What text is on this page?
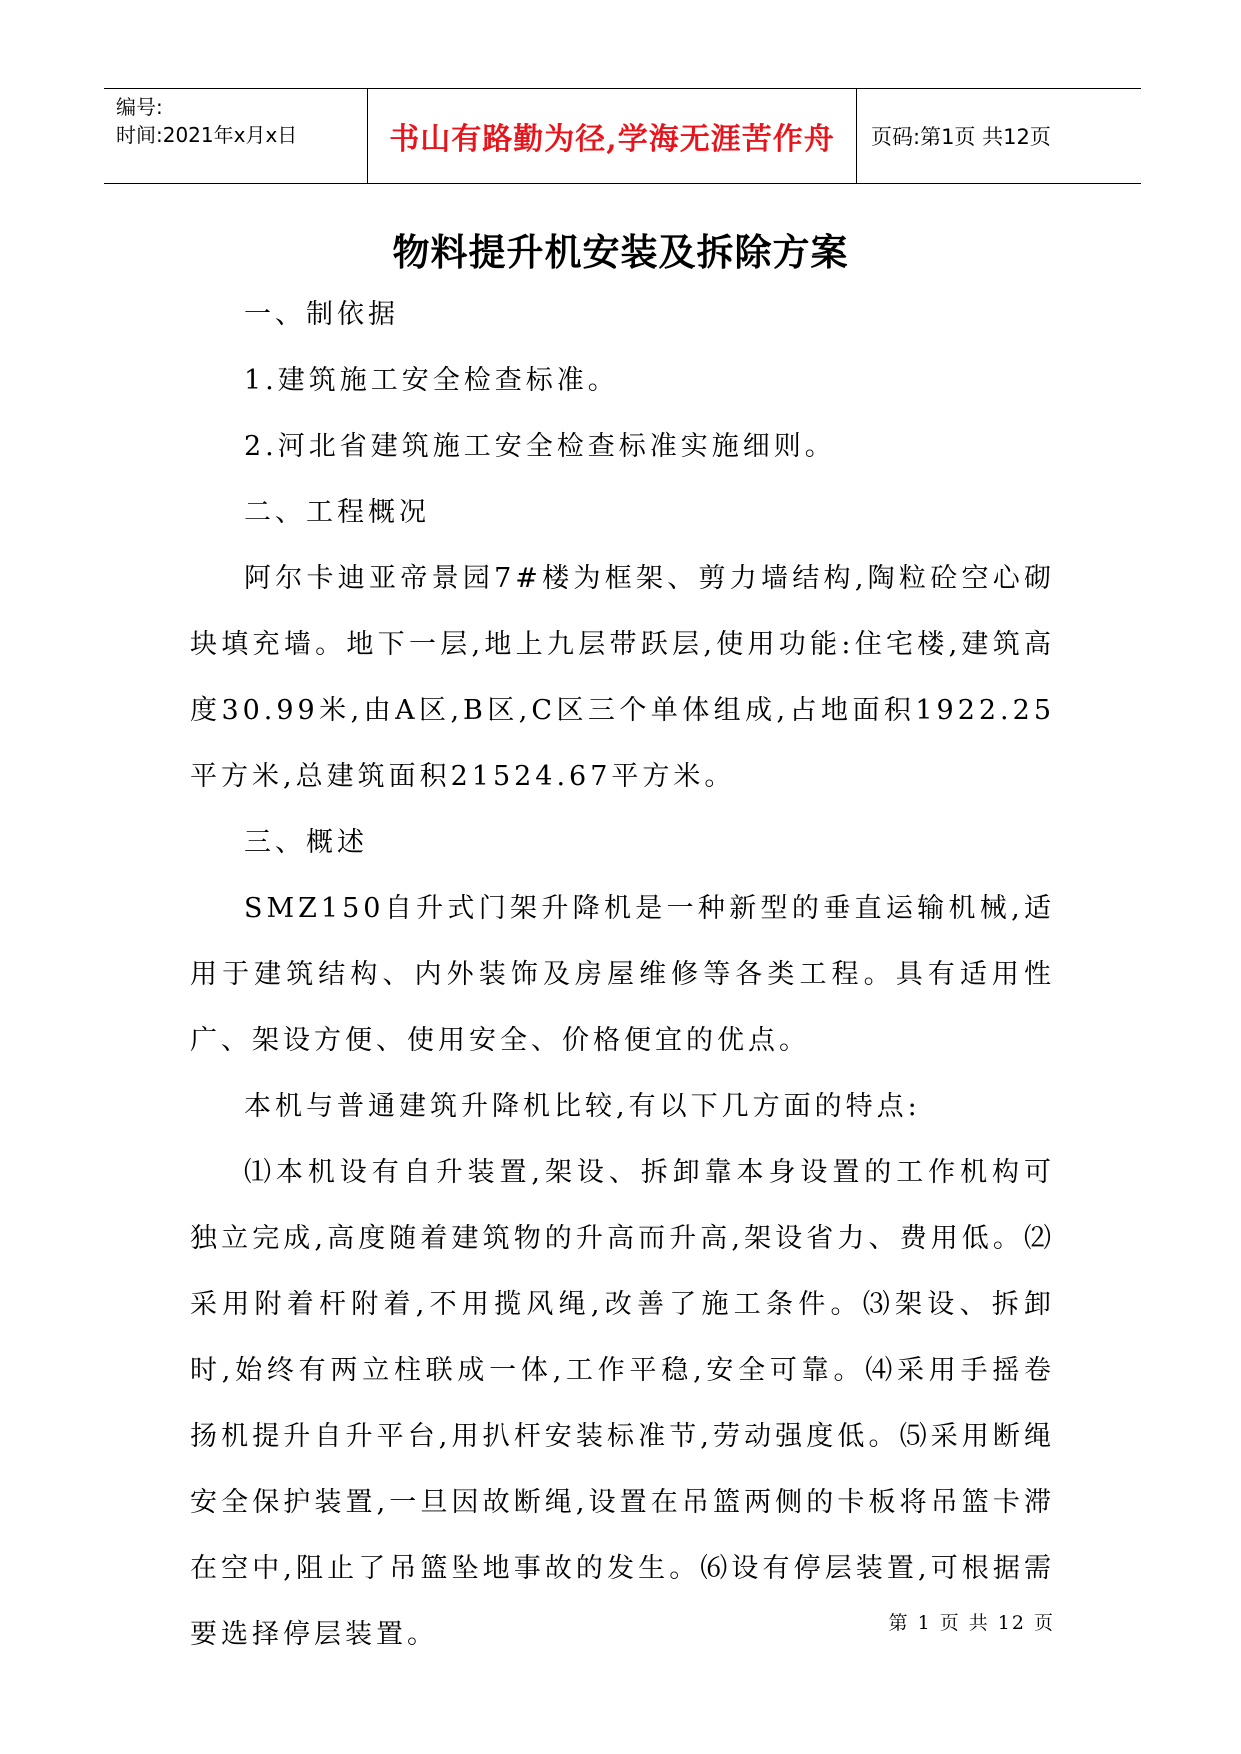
编号:
时间:2021年x月x日	书山有路勤为径,学海无涯苦作舟 页码:第1页 共12页
物料提升机安装及拆除方案

一、制依据

1.建筑施工安全检查标准。

2.河北省建筑施工安全检查标准实施细则。

二、工程概况

阿尔卡迪亚帝景园7#楼为框架、剪力墙结构,陶粒砼空心砌块填充墙。地下一层,地上九层带跃层,使用功能:住宅楼,建筑高度30.99米,由A区,B区,C区三个单体组成,占地面积1922.25平方米,总建筑面积21524.67平方米。

三、概述

SMZ150自升式门架升降机是一种新型的垂直运输机械,适用于建筑结构、内外装饰及房屋维修等各类工程。具有适用性广、架设方便、使用安全、价格便宜的优点。

本机与普通建筑升降机比较,有以下几方面的特点:

⑴本机设有自升装置,架设、拆卸靠本身设置的工作机构可独立完成,高度随着建筑物的升高而升高,架设省力、费用低。⑵采用附着杆附着,不用揽风绳,改善了施工条件。⑶架设、拆卸时,始终有两立柱联成一体,工作平稳,安全可靠。⑷采用手摇卷扬机提升自升平台,用扒杆安装标准节,劳动强度低。⑸采用断绳安全保护装置,一旦因故断绳,设置在吊篮两侧的卡板将吊篮卡滞在空中,阻止了吊篮坠地事故的发生。⑹设有停层装置,可根据需要选择停层装置。	第 1 页 共 12 页
